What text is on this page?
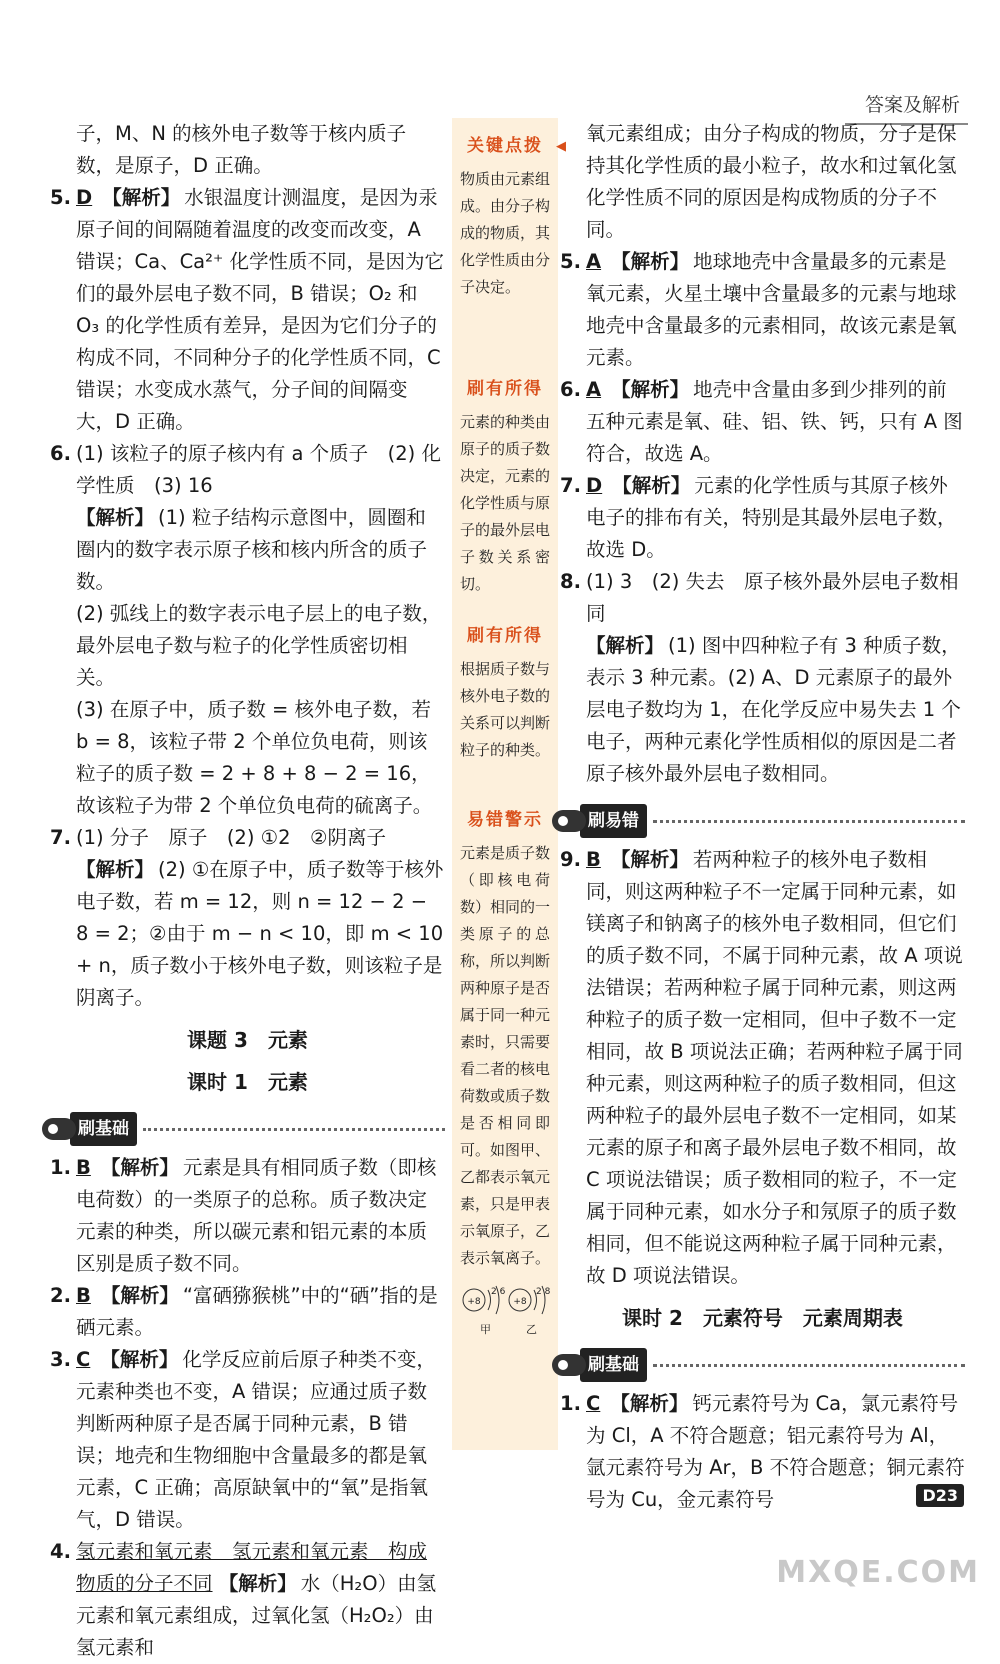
答案及解析
子，M、N 的核外电子数等于核内质子数，是原子，D 正确。
5. D 【解析】 水银温度计测温度，是因为汞原子间的间隔随着温度的改变而改变，A 错误；Ca、Ca²⁺ 化学性质不同，是因为它们的最外层电子数不同，B 错误；O₂ 和 O₃ 的化学性质有差异，是因为它们分子的构成不同，不同种分子的化学性质不同，C 错误；水变成水蒸气，分子间的间隔变大，D 正确。
6. (1) 该粒子的原子核内有 a 个质子　(2) 化学性质　(3) 16
【解析】 (1) 粒子结构示意图中，圆圈和圈内的数字表示原子核和核内所含的质子数。
(2) 弧线上的数字表示电子层上的电子数，最外层电子数与粒子的化学性质密切相关。
(3) 在原子中，质子数 = 核外电子数，若 b = 8，该粒子带 2 个单位负电荷，则该粒子的质子数 = 2 + 8 + 8 − 2 = 16，故该粒子为带 2 个单位负电荷的硫离子。
7. (1) 分子　原子　(2) ①2　②阴离子
【解析】 (2) ①在原子中，质子数等于核外电子数，若 m = 12，则 n = 12 − 2 − 8 = 2；②由于 m − n < 10，即 m < 10 + n，质子数小于核外电子数，则该粒子是阴离子。
课题 3 元素
课时 1 元素
刷基础
1. B 【解析】 元素是具有相同质子数（即核电荷数）的一类原子的总称。质子数决定元素的种类，所以碳元素和铝元素的本质区别是质子数不同。
2. B 【解析】 “富硒猕猴桃”中的“硒”指的是硒元素。
3. C 【解析】 化学反应前后原子种类不变，元素种类也不变，A 错误；应通过质子数判断两种原子是否属于同种元素，B 错误；地壳和生物细胞中含量最多的都是氧元素，C 正确；高原缺氧中的“氧”是指氧气，D 错误。
4. 氢元素和氧元素　氢元素和氧元素　构成物质的分子不同 【解析】 水（H₂O）由氢元素和氧元素组成，过氧化氢（H₂O₂）由氢元素和
关键点拨 ◀
物质由元素组成。由分子构成的物质，其化学性质由分子决定。
刷有所得
元素的种类由原子的质子数决定，元素的化学性质与原子的最外层电子数关系密切。
刷有所得
根据质子数与核外电子数的关系可以判断粒子的种类。
易错警示
元素是质子数（即核电荷数）相同的一类原子的总称，所以判断两种原子是否属于同一种元素时，只需要看二者的核电荷数或质子数是否相同即可。如图甲、乙都表示氧元素，只是甲表示氧原子，乙表示氧离子。
+8
2 6
甲
+8
2 8
乙
氧元素组成；由分子构成的物质，分子是保持其化学性质的最小粒子，故水和过氧化氢化学性质不同的原因是构成物质的分子不同。
5. A 【解析】 地球地壳中含量最多的元素是氧元素，火星土壤中含量最多的元素与地球地壳中含量最多的元素相同，故该元素是氧元素。
6. A 【解析】 地壳中含量由多到少排列的前五种元素是氧、硅、铝、铁、钙，只有 A 图符合，故选 A。
7. D 【解析】 元素的化学性质与其原子核外电子的排布有关，特别是其最外层电子数，故选 D。
8. (1) 3　(2) 失去　原子核外最外层电子数相同
【解析】 (1) 图中四种粒子有 3 种质子数，表示 3 种元素。(2) A、D 元素原子的最外层电子数均为 1，在化学反应中易失去 1 个电子，两种元素化学性质相似的原因是二者原子核外最外层电子数相同。
刷易错
9. B 【解析】 若两种粒子的核外电子数相同，则这两种粒子不一定属于同种元素，如镁离子和钠离子的核外电子数相同，但它们的质子数不同，不属于同种元素，故 A 项说法错误；若两种粒子属于同种元素，则这两种粒子的质子数一定相同，但中子数不一定相同，故 B 项说法正确；若两种粒子属于同种元素，则这两种粒子的质子数相同，但这两种粒子的最外层电子数不一定相同，如某元素的原子和离子最外层电子数不相同，故 C 项说法错误；质子数相同的粒子，不一定属于同种元素，如水分子和氖原子的质子数相同，但不能说这两种粒子属于同种元素，故 D 项说法错误。
课时 2 元素符号　元素周期表
刷基础
1. C 【解析】 钙元素符号为 Ca，氯元素符号为 Cl，A 不符合题意；铝元素符号为 Al，氩元素符号为 Ar，B 不符合题意；铜元素符号为 Cu，金元素符号	D23
MXQE.COM
